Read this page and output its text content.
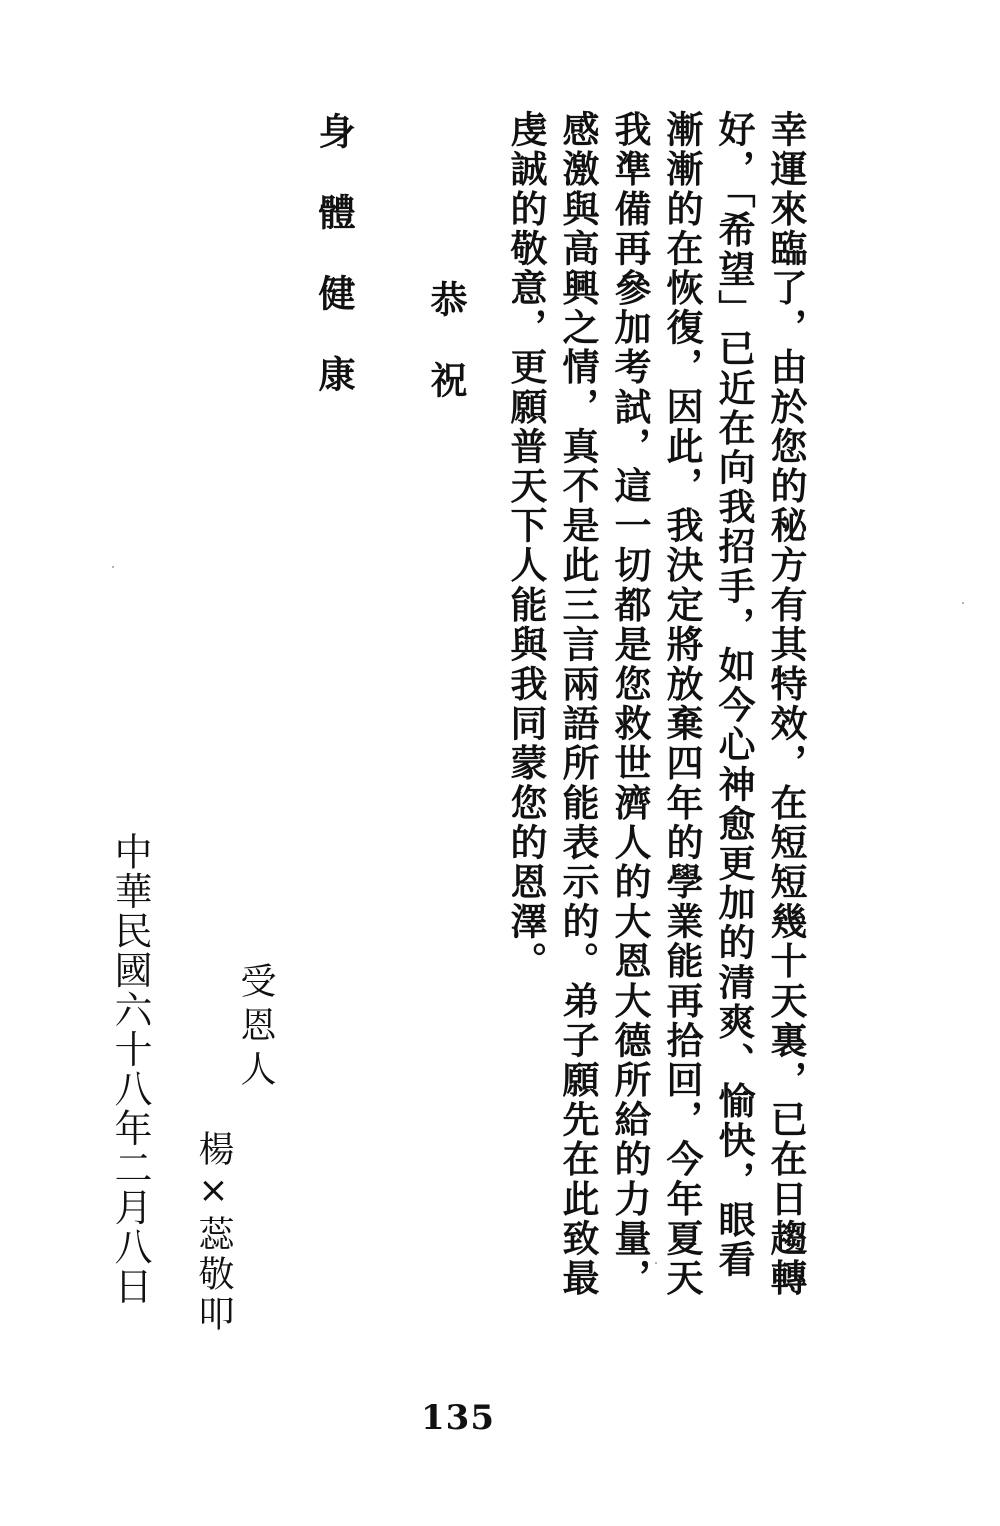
幸運來臨了，由於您的秘方有其特效，在短短幾十天裏，已在日趨轉

好，「希望」已近在向我招手，如今心神愈更加的清爽、愉快，眼看

漸漸的在恢復，因此，我決定將放棄四年的學業能再拾回，今年夏天

我準備再參加考試，這一切都是您救世濟人的大恩大德所給的力量，

感激與高興之情，真不是此三言兩語所能表示的。弟子願先在此致最

虔誠的敬意，更願普天下人能與我同蒙您的恩澤。

恭祝

身體健康

受恩人

楊×蕊敬叩

中華民國六十八年二月八日

135
